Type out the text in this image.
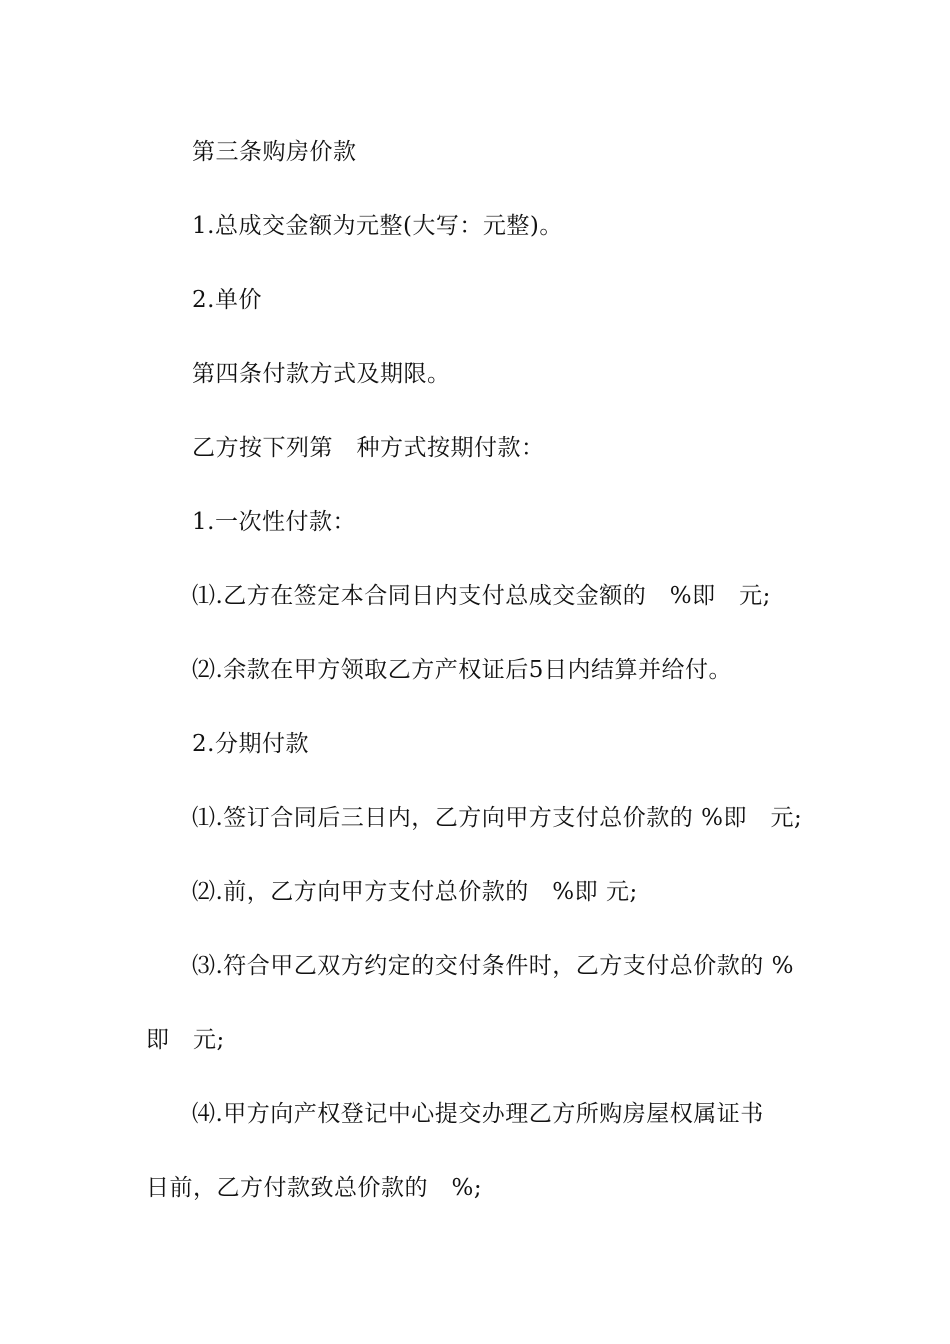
第三条购房价款
1.总成交金额为元整(大写：元整)。
2.单价
第四条付款方式及期限。
乙方按下列第　种方式按期付款：
1.一次性付款：
⑴.乙方在签定本合同日内支付总成交金额的　%即　元;
⑵.余款在甲方领取乙方产权证后5日内结算并给付。
2.分期付款
⑴.签订合同后三日内，乙方向甲方支付总价款的 %即　元;
⑵.前，乙方向甲方支付总价款的　%即 元;
⑶.符合甲乙双方约定的交付条件时，乙方支付总价款的 %
即　元;
⑷.甲方向产权登记中心提交办理乙方所购房屋权属证书
日前，乙方付款致总价款的　%;
